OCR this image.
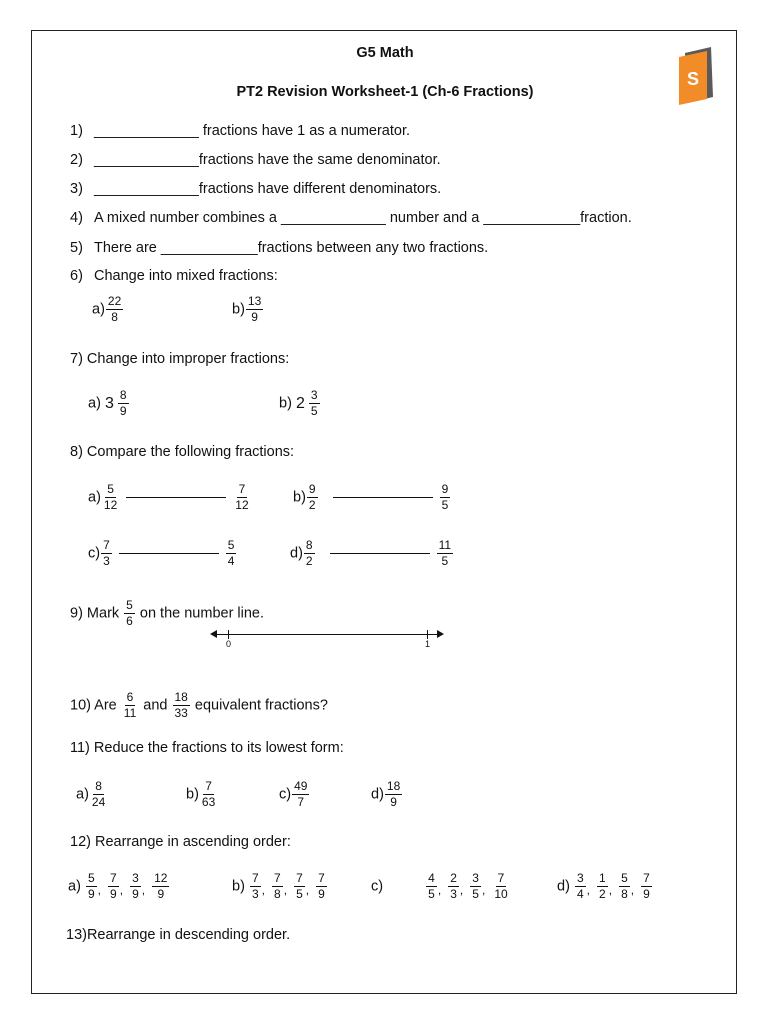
G5 Math
PT2 Revision Worksheet-1 (Ch-6 Fractions)
S
1) _____________ fractions have 1 as a numerator.
2) _____________fractions have the same denominator.
3) _____________fractions have different denominators.
4) A mixed number combines a _____________ number and a ____________fraction.
5) There are ____________fractions between any two fractions.
6) Change into mixed fractions:
$a) \frac{22}{8}$	$b) \frac{13}{9}$
7) Change into improper fractions:
a) $3 \frac{8}{9}$	b) $2 \frac{3}{5}$
8) Compare the following fractions:
$a) \frac{5}{12}$	$\frac{7}{12}$	$b) \frac{9}{2}$	$\frac{9}{5}$
$c) \frac{7}{3}$	$\frac{5}{4}$	$d) \frac{8}{2}$	$\frac{11}{5}$
9) Mark $\frac{5}{6}$ on the number line.
0	1
10) Are $\frac{6}{11}$ and $\frac{18}{33}$ equivalent fractions?
11) Reduce the fractions to its lowest form:
$a) \frac{8}{24}$	$b) \frac{7}{63}$	$c) \frac{49}{7}$	$d) \frac{18}{9}$
12) Rearrange in ascending order:
$a) \frac{5}{9} _, \frac{7}{9} _, \frac{3}{9} _, \frac{12}{9}$	$b) \frac{7}{3} _, \frac{7}{8} _, \frac{7}{5} _, \frac{7}{9}$	c)	$\frac{4}{5} _, \frac{2}{3} _, \frac{3}{5} _, \frac{7}{10}$	$d) \frac{3}{4} _, \frac{1}{2} _, \frac{5}{8} _, \frac{7}{9}$
13)Rearrange in descending order.
